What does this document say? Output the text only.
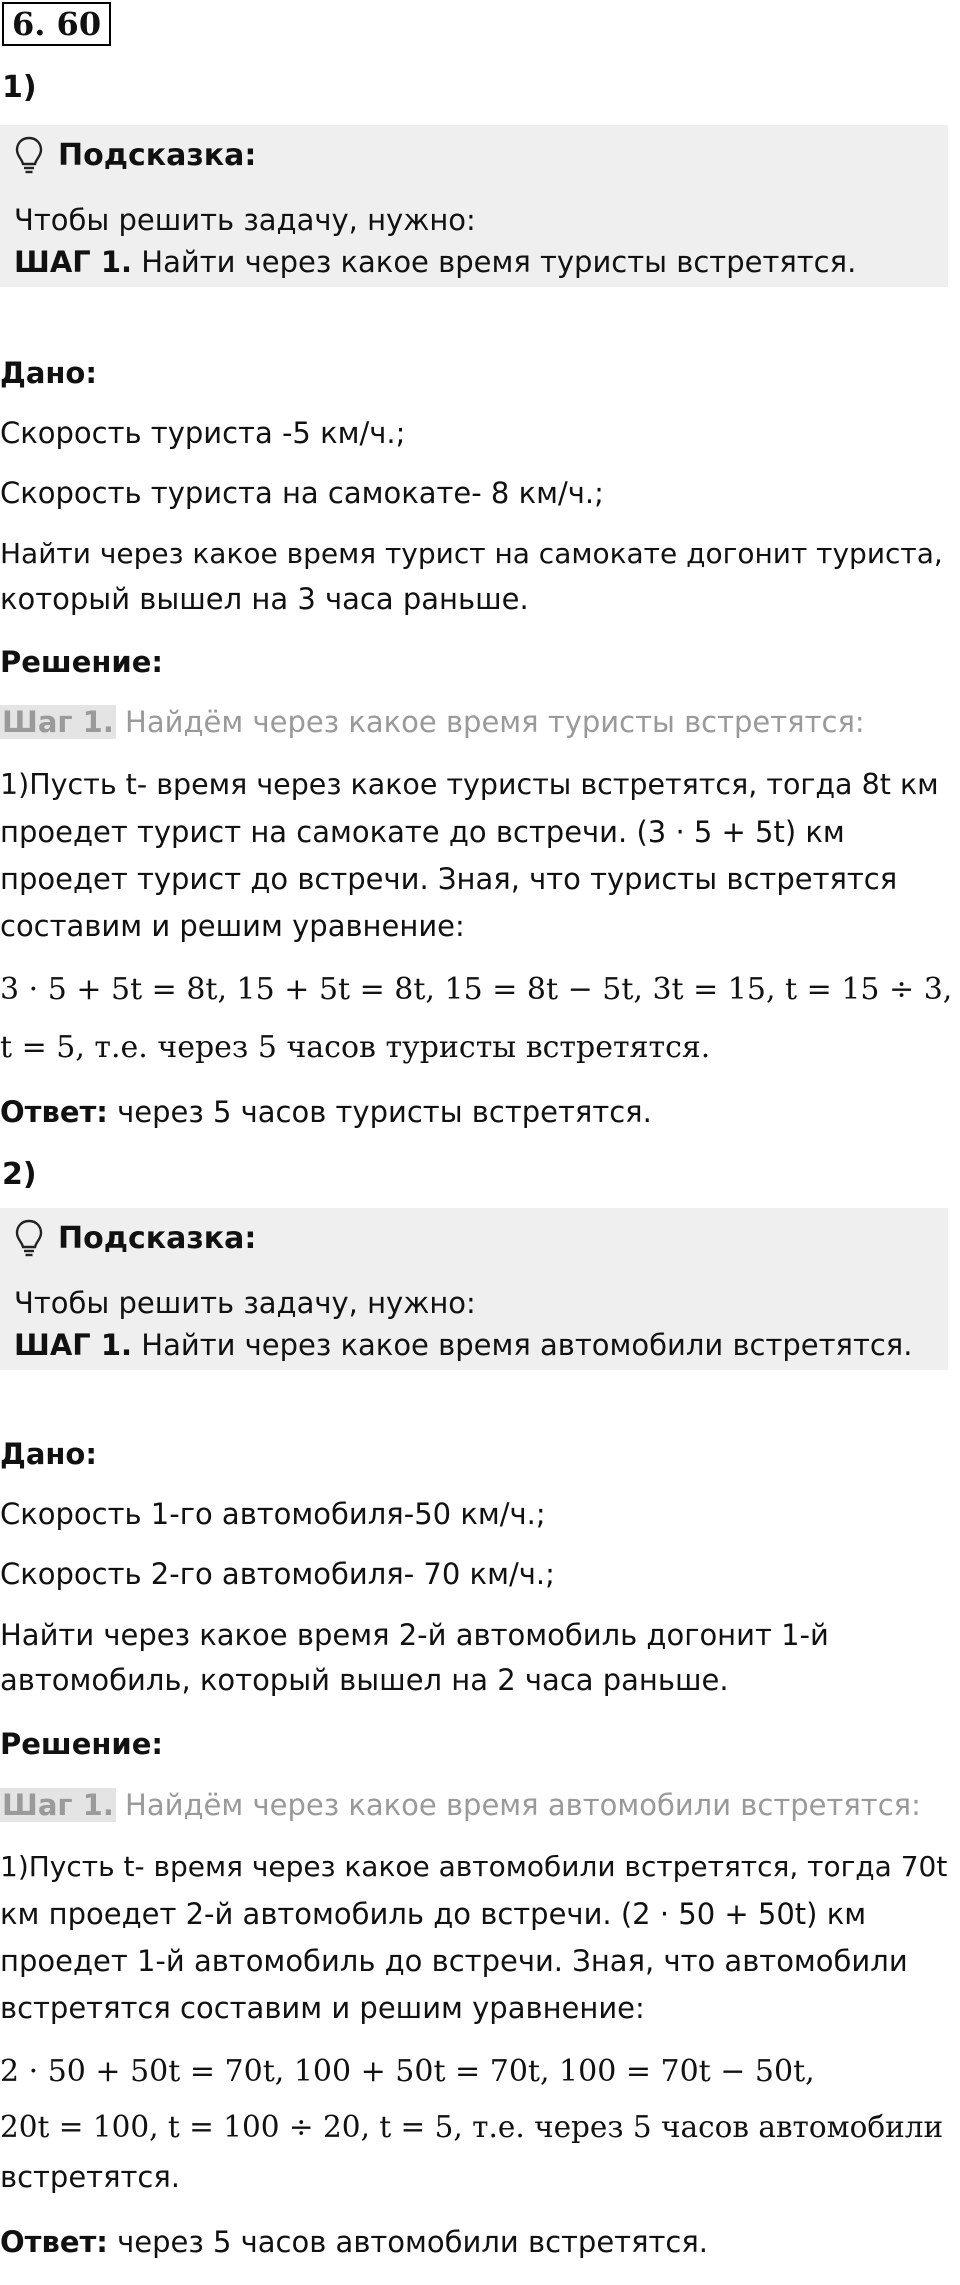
6. 60
1)
Подсказка:
Чтобы решить задачу, нужно:
ШАГ 1. Найти через какое время туристы встретятся.
Дано:
Скорость туриста -5 км/ч.;
Скорость туриста на самокате- 8 км/ч.;
Найти через какое время турист на самокате догонит туриста,
который вышел на 3 часа раньше.
Решение:
Шаг 1. Найдём через какое время туристы встретятся:
1)Пусть t- время через какое туристы встретятся, тогда 8t км
проедет турист на самокате до встречи. (3 · 5 + 5t) км
проедет турист до встречи. Зная, что туристы встретятся
составим и решим уравнение:
3 · 5 + 5t = 8t, 15 + 5t = 8t, 15 = 8t − 5t, 3t = 15, t = 15 ÷ 3,
t = 5, т.е. через 5 часов туристы встретятся.
Ответ: через 5 часов туристы встретятся.
2)
Подсказка:
Чтобы решить задачу, нужно:
ШАГ 1. Найти через какое время автомобили встретятся.
Дано:
Скорость 1-го автомобиля-50 км/ч.;
Скорость 2-го автомобиля- 70 км/ч.;
Найти через какое время 2-й автомобиль догонит 1-й
автомобиль, который вышел на 2 часа раньше.
Решение:
Шаг 1. Найдём через какое время автомобили встретятся:
1)Пусть t- время через какое автомобили встретятся, тогда 70t
км проедет 2-й автомобиль до встречи. (2 · 50 + 50t) км
проедет 1-й автомобиль до встречи. Зная, что автомобили
встретятся составим и решим уравнение:
2 · 50 + 50t = 70t, 100 + 50t = 70t, 100 = 70t − 50t,
20t = 100, t = 100 ÷ 20, t = 5, т.е. через 5 часов автомобили
встретятся.
Ответ: через 5 часов автомобили встретятся.
